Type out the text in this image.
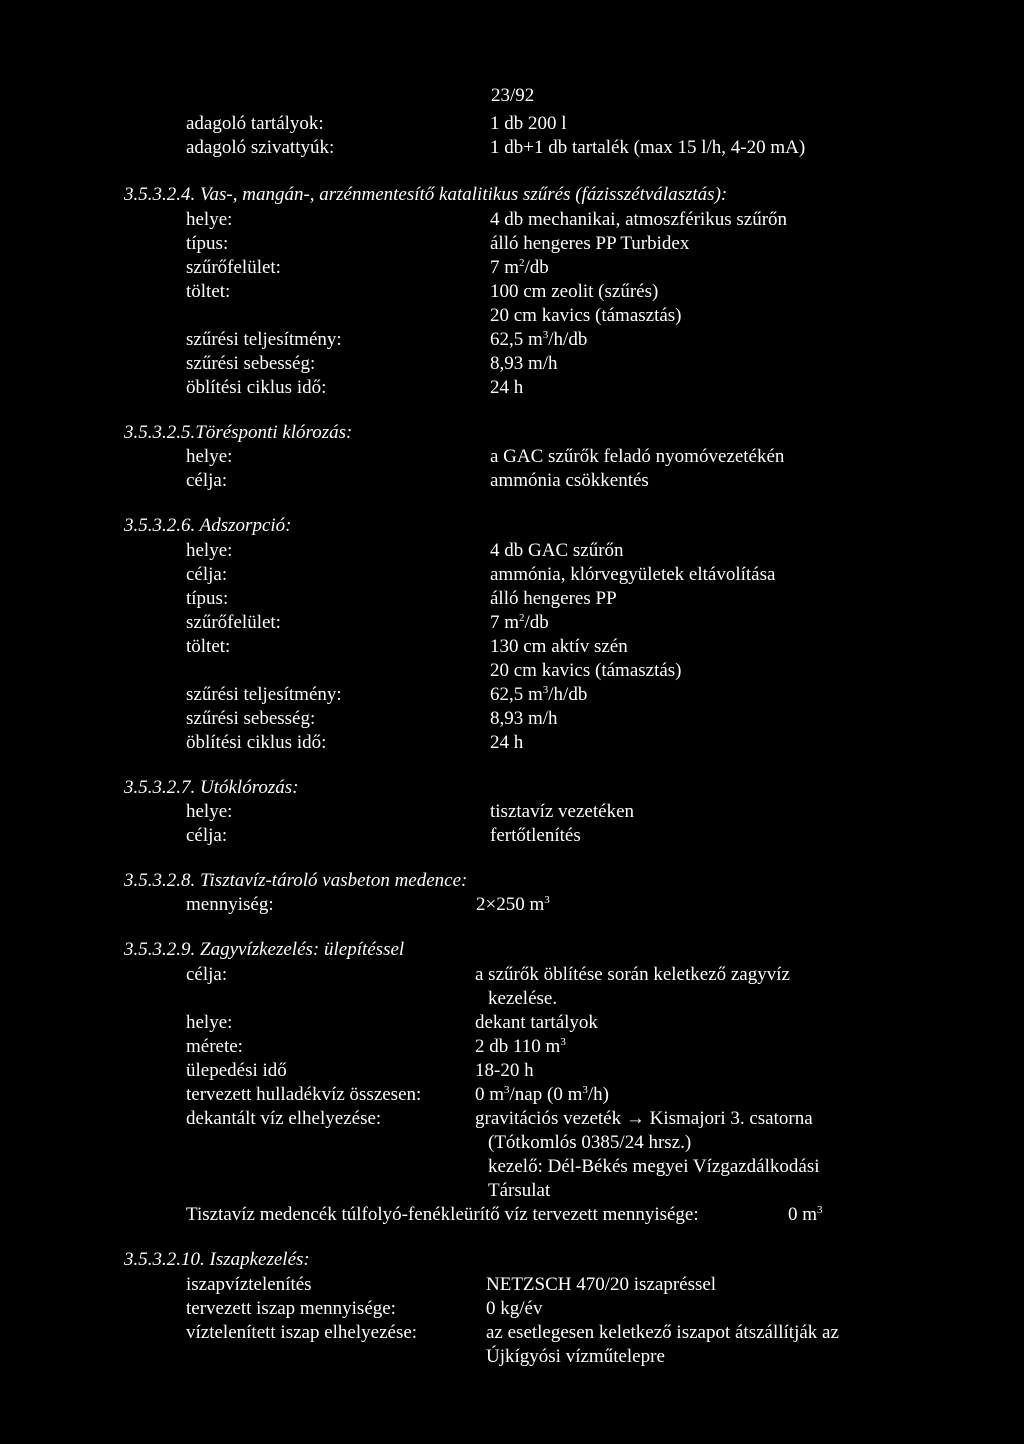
23/92
adagoló tartályok:	1 db 200 l
adagoló szivattyúk:	1 db+1 db tartalék (max 15 l/h, 4-20 mA)
3.5.3.2.4. Vas-, mangán-, arzénmentesítő katalitikus szűrés (fázisszétválasztás):
helye:	4 db mechanikai, atmoszférikus szűrőn
típus:	álló hengeres PP Turbidex
szűrőfelület:	7 $m^2/db$
töltet:	100 cm zeolit (szűrés)
20 cm kavics (támasztás)
szűrési teljesítmény:	62,5 $m^3/h/db$
szűrési sebesség:	8,93 m/h
öblítési ciklus idő:	24 h
3.5.3.2.5.Törésponti klórozás:
helye:	a GAC szűrők feladó nyomóvezetékén
célja:	ammónia csökkentés
3.5.3.2.6. Adszorpció:
helye:	4 db GAC szűrőn
célja:	ammónia, klórvegyületek eltávolítása
típus:	álló hengeres PP
szűrőfelület:	7 $m^2/db$
töltet:	130 cm aktív szén
20 cm kavics (támasztás)
szűrési teljesítmény:	62,5 $m^3/h/db$
szűrési sebesség:	8,93 m/h
öblítési ciklus idő:	24 h
3.5.3.2.7. Utóklórozás:
helye:	tisztavíz vezetéken
célja:	fertőtlenítés
3.5.3.2.8. Tisztavíz-tároló vasbeton medence:
mennyiség:	2×250 $m^3$
3.5.3.2.9. Zagyvízkezelés: ülepítéssel
célja:	a szűrők öblítése során keletkező zagyvíz
kezelése.
helye:	dekant tartályok
mérete:	2 db 110 $m^3$
ülepedési idő	18-20 h
tervezett hulladékvíz összesen:	0 $m^3$/nap (0 $m^3/h$)
dekantált víz elhelyezése:	gravitációs vezeték → Kismajori 3. csatorna
(Tótkomlós 0385/24 hrsz.)
kezelő: Dél-Békés megyei Vízgazdálkodási
Társulat
Tisztavíz medencék túlfolyó-fenékleürítő víz tervezett mennyisége:	0 $m^3$
3.5.3.2.10. Iszapkezelés:
iszapvíztelenítés	NETZSCH 470/20 iszapréssel
tervezett iszap mennyisége:	0 kg/év
víztelenített iszap elhelyezése:	az esetlegesen keletkező iszapot átszállítják az
Újkígyósi vízműtelepre
